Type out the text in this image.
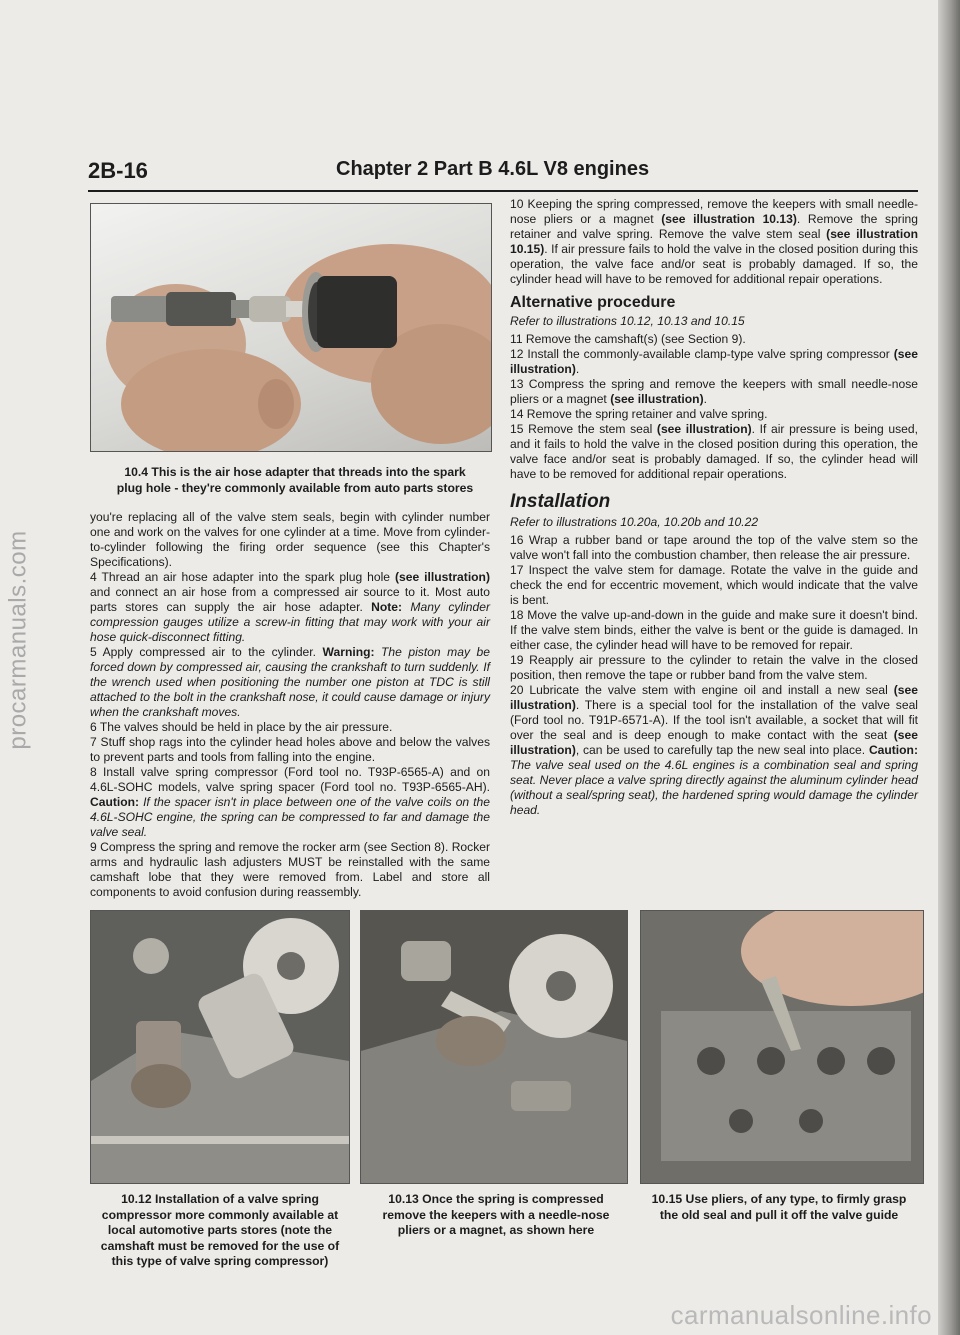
procarmanuals.com
2B-16	Chapter 2 Part B 4.6L V8 engines
10.4 This is the air hose adapter that threads into the spark plug hole - they're commonly available from auto parts stores

you're replacing all of the valve stem seals, begin with cylinder number one and work on the valves for one cylinder at a time. Move from cylinder-to-cylinder following the firing order sequence (see this Chapter's Specifications).

4 Thread an air hose adapter into the spark plug hole (see illustration) and connect an air hose from a compressed air source to it. Most auto parts stores can supply the air hose adapter. Note: Many cylinder compression gauges utilize a screw-in fitting that may work with your air hose quick-disconnect fitting.

5 Apply compressed air to the cylinder. Warning: The piston may be forced down by compressed air, causing the crankshaft to turn suddenly. If the wrench used when positioning the number one piston at TDC is still attached to the bolt in the crankshaft nose, it could cause damage or injury when the crankshaft moves.

6 The valves should be held in place by the air pressure.

7 Stuff shop rags into the cylinder head holes above and below the valves to prevent parts and tools from falling into the engine.

8 Install valve spring compressor (Ford tool no. T93P-6565-A) and on 4.6L-SOHC models, valve spring spacer (Ford tool no. T93P-6565-AH). Caution: If the spacer isn't in place between one of the valve coils on the 4.6L-SOHC engine, the spring can be compressed to far and damage the valve seal.

9 Compress the spring and remove the rocker arm (see Section 8). Rocker arms and hydraulic lash adjusters MUST be reinstalled with the same camshaft lobe that they were removed from. Label and store all components to avoid confusion during reassembly.

10 Keeping the spring compressed, remove the keepers with small needle-nose pliers or a magnet (see illustration 10.13). Remove the spring retainer and valve spring. Remove the valve stem seal (see illustration 10.15). If air pressure fails to hold the valve in the closed position during this operation, the valve face and/or seat is probably damaged. If so, the cylinder head will have to be removed for additional repair operations.

Alternative procedure
Refer to illustrations 10.12, 10.13 and 10.15

11 Remove the camshaft(s) (see Section 9).

12 Install the commonly-available clamp-type valve spring compressor (see illustration).

13 Compress the spring and remove the keepers with small needle-nose pliers or a magnet (see illustration).

14 Remove the spring retainer and valve spring.

15 Remove the stem seal (see illustration). If air pressure is being used, and it fails to hold the valve in the closed position during this operation, the valve face and/or seat is probably damaged. If so, the cylinder head will have to be removed for additional repair operations.

Installation
Refer to illustrations 10.20a, 10.20b and 10.22

16 Wrap a rubber band or tape around the top of the valve stem so the valve won't fall into the combustion chamber, then release the air pressure.

17 Inspect the valve stem for damage. Rotate the valve in the guide and check the end for eccentric movement, which would indicate that the valve is bent.

18 Move the valve up-and-down in the guide and make sure it doesn't bind. If the valve stem binds, either the valve is bent or the guide is damaged. In either case, the cylinder head will have to be removed for repair.

19 Reapply air pressure to the cylinder to retain the valve in the closed position, then remove the tape or rubber band from the valve stem.

20 Lubricate the valve stem with engine oil and install a new seal (see illustration). There is a special tool for the installation of the valve seal (Ford tool no. T91P-6571-A). If the tool isn't available, a socket that will fit over the seal and is deep enough to make contact with the seat (see illustration), can be used to carefully tap the new seal into place. Caution: The valve seal used on the 4.6L engines is a combination seal and spring seat. Never place a valve spring directly against the aluminum cylinder head (without a seal/spring seat), the hardened spring would damage the cylinder head.

10.12 Installation of a valve spring compressor more commonly available at local automotive parts stores (note the camshaft must be removed for the use of this type of valve spring compressor)
10.13 Once the spring is compressed remove the keepers with a needle-nose pliers or a magnet, as shown here
10.15 Use pliers, of any type, to firmly grasp the old seal and pull it off the valve guide
carmanualsonline.info
